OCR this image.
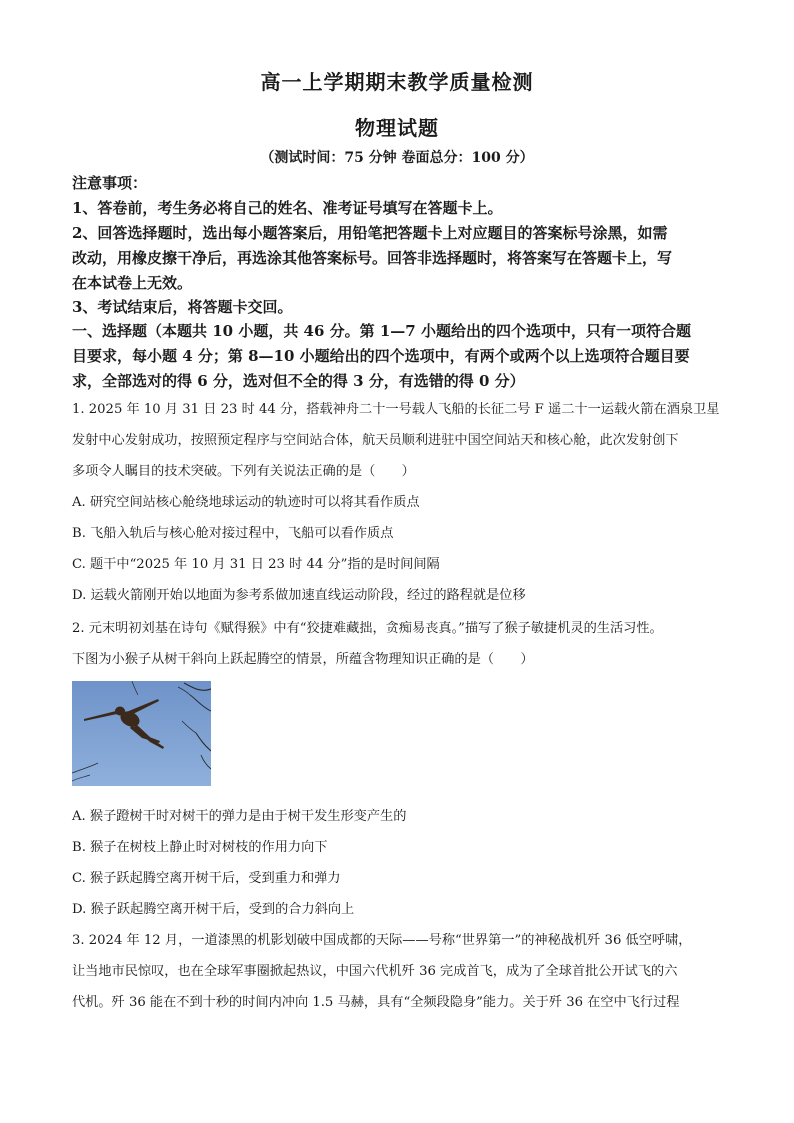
高一上学期期末教学质量检测
物理试题
（测试时间：75 分钟 卷面总分：100 分）
注意事项：
1、答卷前，考生务必将自己的姓名、准考证号填写在答题卡上。
2、回答选择题时，选出每小题答案后，用铅笔把答题卡上对应题目的答案标号涂黑，如需
改动，用橡皮擦干净后，再选涂其他答案标号。回答非选择题时，将答案写在答题卡上，写
在本试卷上无效。
3、考试结束后，将答题卡交回。
一、选择题（本题共 10 小题，共 46 分。第 1—7 小题给出的四个选项中，只有一项符合题
目要求，每小题 4 分；第 8—10 小题给出的四个选项中，有两个或两个以上选项符合题目要
求，全部选对的得 6 分，选对但不全的得 3 分，有选错的得 0 分）
1. 2025 年 10 月 31 日 23 时 44 分，搭载神舟二十一号载人飞船的长征二号 F 遥二十一运载火箭在酒泉卫星
发射中心发射成功，按照预定程序与空间站合体，航天员顺利进驻中国空间站天和核心舱，此次发射创下
多项令人瞩目的技术突破。下列有关说法正确的是（　　）
A. 研究空间站核心舱绕地球运动的轨迹时可以将其看作质点
B. 飞船入轨后与核心舱对接过程中，飞船可以看作质点
C. 题干中“2025 年 10 月 31 日 23 时 44 分”指的是时间间隔
D. 运载火箭刚开始以地面为参考系做加速直线运动阶段，经过的路程就是位移
2. 元末明初刘基在诗句《赋得猴》中有“狡捷难藏拙，贪痴易丧真。”描写了猴子敏捷机灵的生活习性。
下图为小猴子从树干斜向上跃起腾空的情景，所蕴含物理知识正确的是（　　）
A. 猴子蹬树干时对树干的弹力是由于树干发生形变产生的
B. 猴子在树枝上静止时对树枝的作用力向下
C. 猴子跃起腾空离开树干后，受到重力和弹力
D. 猴子跃起腾空离开树干后，受到的合力斜向上
3. 2024 年 12 月，一道漆黑的机影划破中国成都的天际——号称“世界第一”的神秘战机歼 36 低空呼啸，
让当地市民惊叹，也在全球军事圈掀起热议，中国六代机歼 36 完成首飞，成为了全球首批公开试飞的六
代机。歼 36 能在不到十秒的时间内冲向 1.5 马赫，具有“全频段隐身”能力。关于歼 36 在空中飞行过程
